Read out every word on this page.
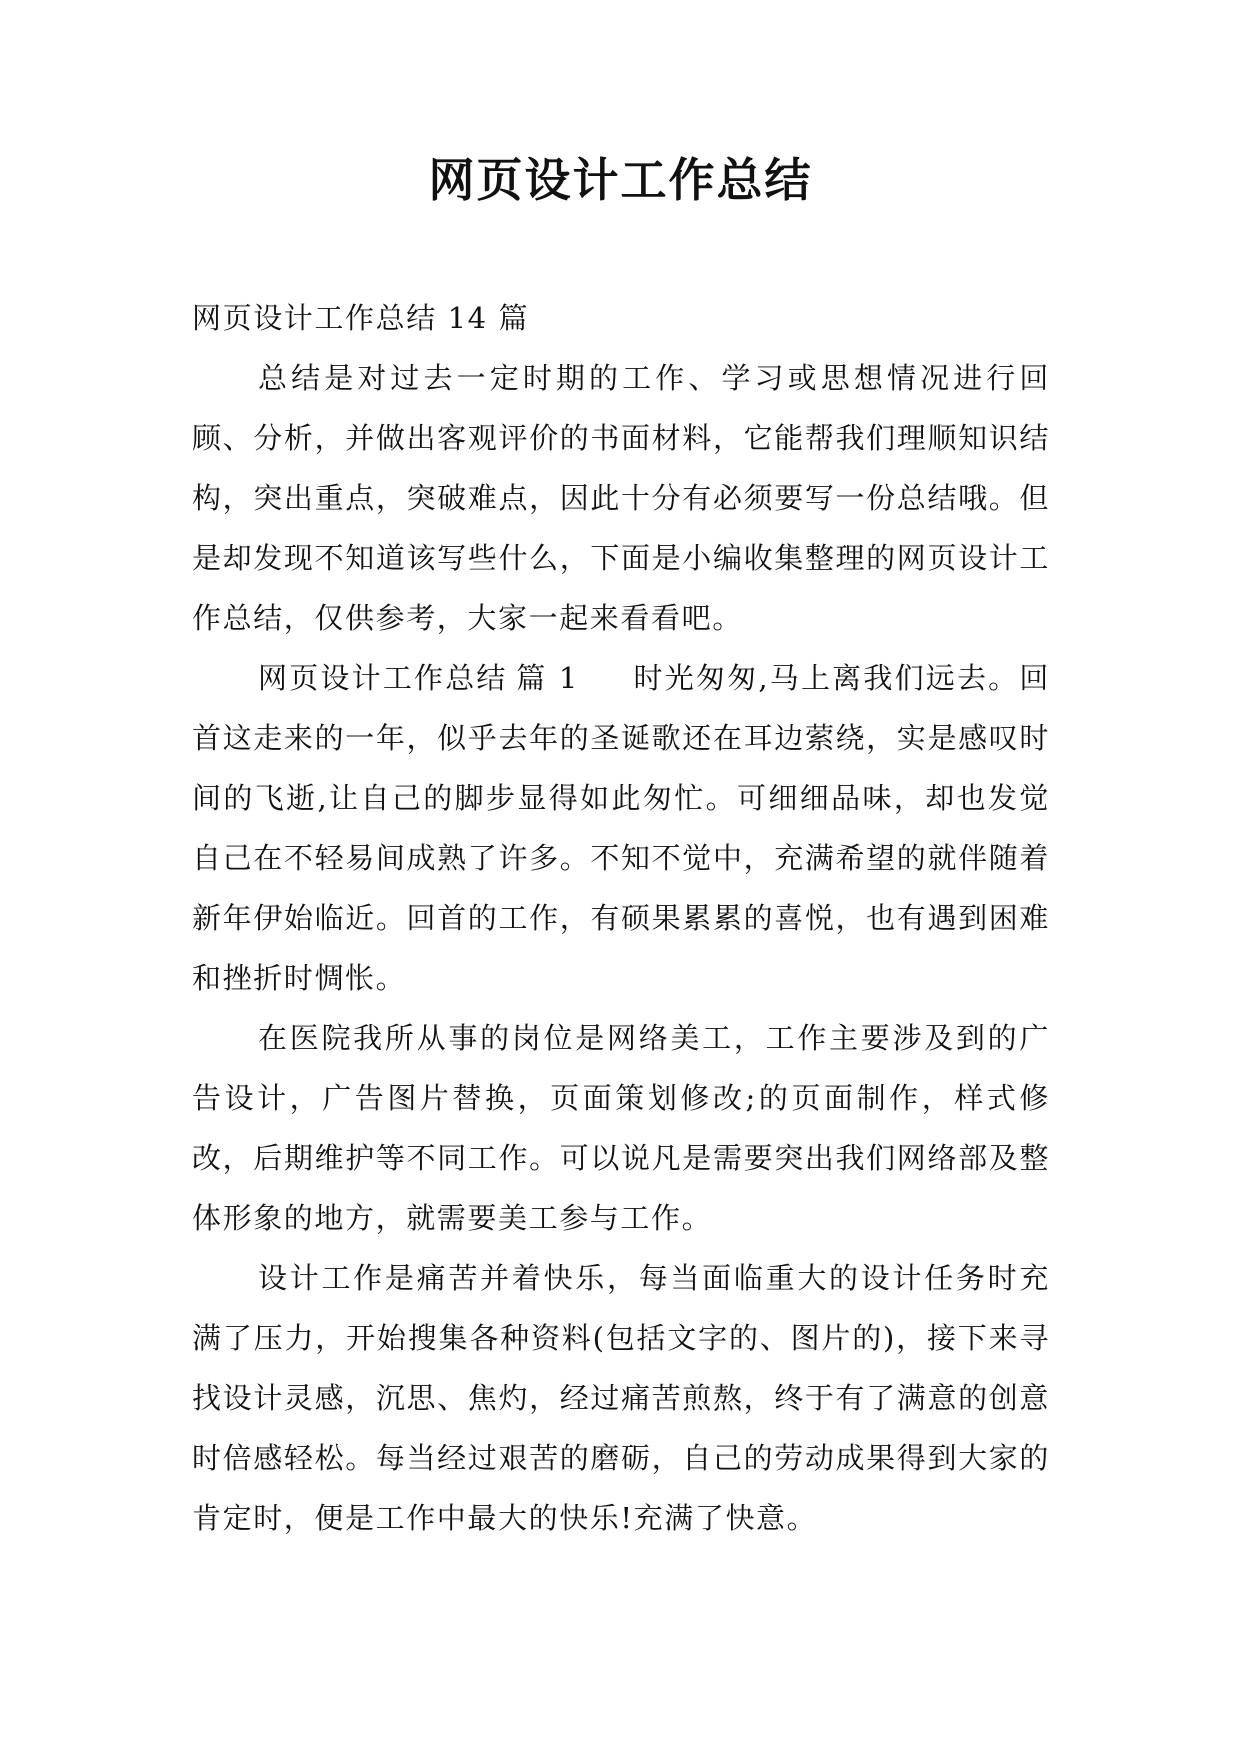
网页设计工作总结

网页设计工作总结 14 篇

总结是对过去一定时期的工作、学习或思想情况进行回顾、分析，并做出客观评价的书面材料，它能帮我们理顺知识结构，突出重点，突破难点，因此十分有必须要写一份总结哦。但是却发现不知道该写些什么，下面是小编收集整理的网页设计工作总结，仅供参考，大家一起来看看吧。

网页设计工作总结 篇 1 时光匆匆,马上离我们远去。回首这走来的一年，似乎去年的圣诞歌还在耳边萦绕，实是感叹时间的飞逝,让自己的脚步显得如此匆忙。可细细品味，却也发觉自己在不轻易间成熟了许多。不知不觉中，充满希望的就伴随着新年伊始临近。回首的工作，有硕果累累的喜悦，也有遇到困难和挫折时惆怅。

在医院我所从事的岗位是网络美工，工作主要涉及到的广告设计，广告图片替换，页面策划修改;的页面制作，样式修改，后期维护等不同工作。可以说凡是需要突出我们网络部及整体形象的地方，就需要美工参与工作。

设计工作是痛苦并着快乐，每当面临重大的设计任务时充满了压力，开始搜集各种资料(包括文字的、图片的)，接下来寻找设计灵感，沉思、焦灼，经过痛苦煎熬，终于有了满意的创意时倍感轻松。每当经过艰苦的磨砺，自己的劳动成果得到大家的肯定时，便是工作中最大的快乐!充满了快意。
